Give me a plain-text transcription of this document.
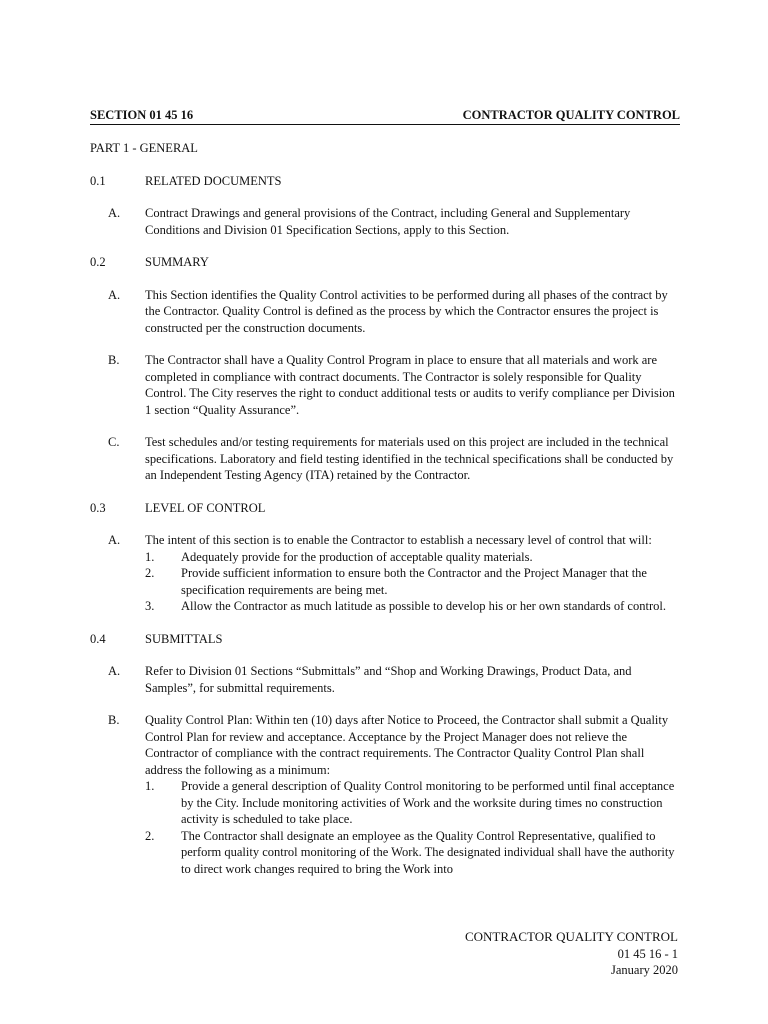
SECTION 01 45 16	CONTRACTOR QUALITY CONTROL
PART 1 - GENERAL
0.1	RELATED DOCUMENTS
A.	Contract Drawings and general provisions of the Contract, including General and Supplementary Conditions and Division 01 Specification Sections, apply to this Section.
0.2	SUMMARY
A.	This Section identifies the Quality Control activities to be performed during all phases of the contract by the Contractor. Quality Control is defined as the process by which the Contractor ensures the project is constructed per the construction documents.
B.	The Contractor shall have a Quality Control Program in place to ensure that all materials and work are completed in compliance with contract documents. The Contractor is solely responsible for Quality Control. The City reserves the right to conduct additional tests or audits to verify compliance per Division 1 section “Quality Assurance”.
C.	Test schedules and/or testing requirements for materials used on this project are included in the technical specifications. Laboratory and field testing identified in the technical specifications shall be conducted by an Independent Testing Agency (ITA) retained by the Contractor.
0.3	LEVEL OF CONTROL
A.	The intent of this section is to enable the Contractor to establish a necessary level of control that will:
1.	Adequately provide for the production of acceptable quality materials.
2.	Provide sufficient information to ensure both the Contractor and the Project Manager that the specification requirements are being met.
3.	Allow the Contractor as much latitude as possible to develop his or her own standards of control.
0.4	SUBMITTALS
A.	Refer to Division 01 Sections “Submittals” and “Shop and Working Drawings, Product Data, and Samples”, for submittal requirements.
B.	Quality Control Plan: Within ten (10) days after Notice to Proceed, the Contractor shall submit a Quality Control Plan for review and acceptance. Acceptance by the Project Manager does not relieve the Contractor of compliance with the contract requirements. The Contractor Quality Control Plan shall address the following as a minimum:
1.	Provide a general description of Quality Control monitoring to be performed until final acceptance by the City. Include monitoring activities of Work and the worksite during times no construction activity is scheduled to take place.
2.	The Contractor shall designate an employee as the Quality Control Representative, qualified to perform quality control monitoring of the Work. The designated individual shall have the authority to direct work changes required to bring the Work into
CONTRACTOR QUALITY CONTROL
01 45 16 - 1
January 2020
